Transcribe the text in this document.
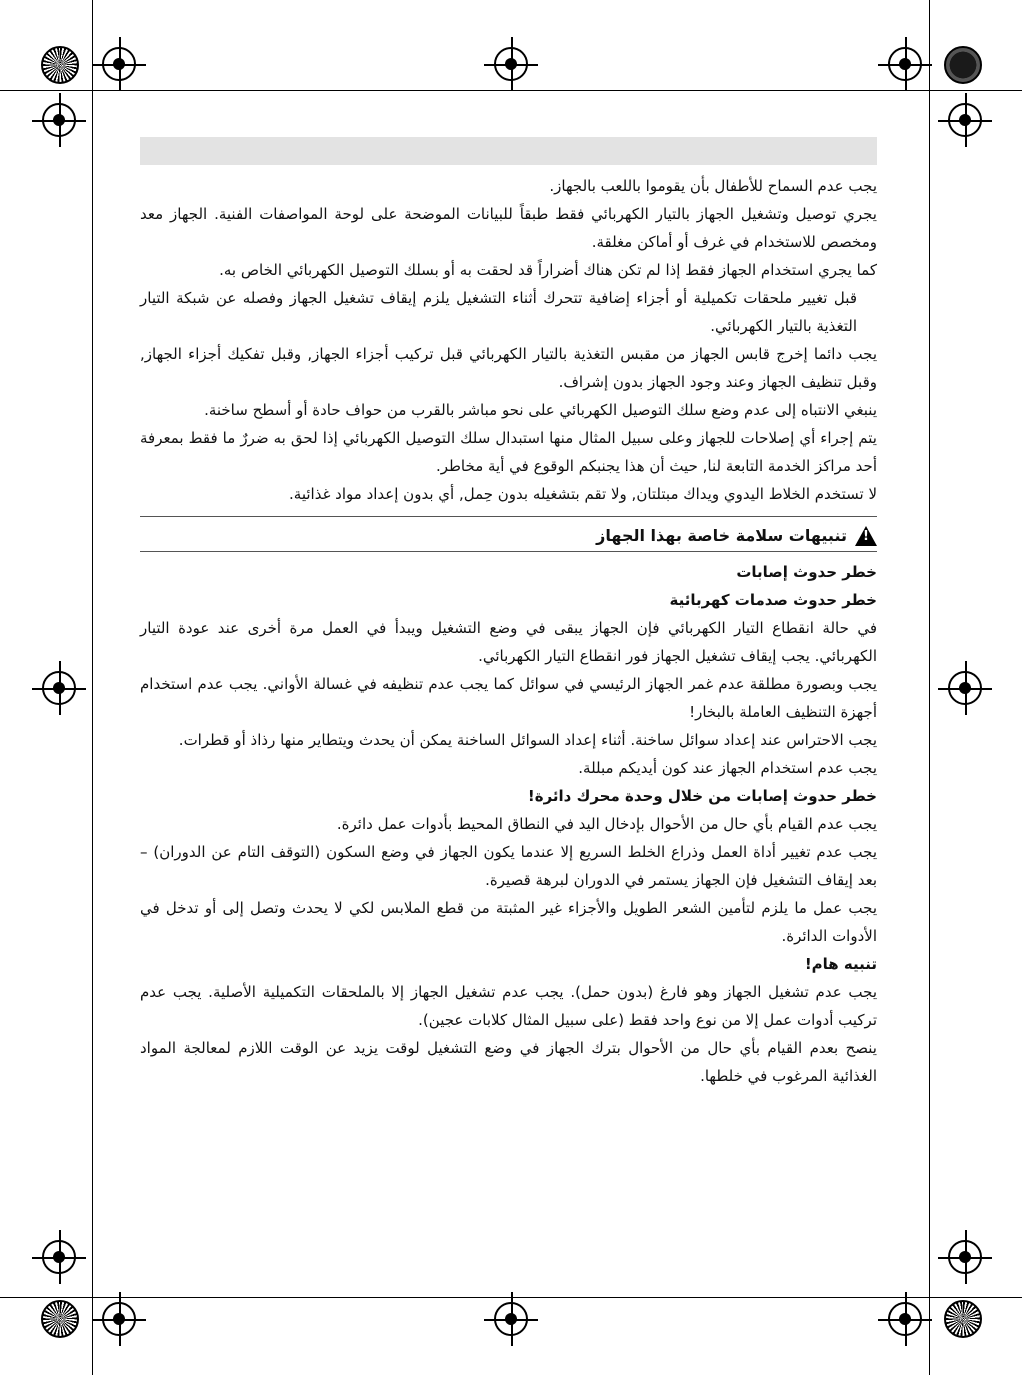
يجب عدم السماح للأطفال بأن يقوموا باللعب بالجهاز.

يجري توصيل وتشغيل الجهاز بالتيار الكهربائي فقط طبقاً للبيانات الموضحة على لوحة المواصفات الفنية. الجهاز معد ومخصص للاستخدام في غرف أو أماكن مغلقة.

كما يجري استخدام الجهاز فقط إذا لم تكن هناك أضراراً قد لحقت به أو بسلك التوصيل الكهربائي الخاص به.

قبل تغيير ملحقات تكميلية أو أجزاء إضافية تتحرك أثناء التشغيل يلزم إيقاف تشغيل الجهاز وفصله عن شبكة التيار التغذية بالتيار الكهربائي.

يجب دائما إخرج قابس الجهاز من مقبس التغذية بالتيار الكهربائي قبل تركيب أجزاء الجهاز, وقبل تفكيك أجزاء الجهاز, وقبل تنظيف الجهاز وعند وجود الجهاز بدون إشراف.

ينبغي الانتباه إلى عدم وضع سلك التوصيل الكهربائي على نحو مباشر بالقرب من حواف حادة أو أسطح ساخنة.

يتم إجراء أي إصلاحات للجهاز وعلى سبيل المثال منها استبدال سلك التوصيل الكهربائي إذا لحق به ضررٌ ما فقط بمعرفة أحد مراكز الخدمة التابعة لنا, حيث أن هذا يجنبكم الوقوع في أية مخاطر.

لا تستخدم الخلاط اليدوي ويداك مبتلتان, ولا تقم بتشغيله بدون حِمل, أي بدون إعداد مواد غذائية.

!
تنبيهات سلامة خاصة بهذا الجهاز

خطر حدوث إصابات

خطر حدوث صدمات كهربائية

في حالة انقطاع التيار الكهربائي فإن الجهاز يبقى في وضع التشغيل ويبدأ في العمل مرة أخرى عند عودة التيار الكهربائي. يجب إيقاف تشغيل الجهاز فور انقطاع التيار الكهربائي.

يجب وبصورة مطلقة عدم غمر الجهاز الرئيسي في سوائل كما يجب عدم تنظيفه في غسالة الأواني. يجب عدم استخدام أجهزة التنظيف العاملة بالبخار!

يجب الاحتراس عند إعداد سوائل ساخنة. أثناء إعداد السوائل الساخنة يمكن أن يحدث ويتطاير منها رذاذ أو قطرات.

يجب عدم استخدام الجهاز عند كون أيديكم مبللة.

خطر حدوث إصابات من خلال وحدة محرك دائرة!

يجب عدم القيام بأي حال من الأحوال بإدخال اليد في النطاق المحيط بأدوات عمل دائرة.

يجب عدم تغيير أداة العمل وذراع الخلط السريع إلا عندما يكون الجهاز في وضع السكون (التوقف التام عن الدوران) – بعد إيقاف التشغيل فإن الجهاز يستمر في الدوران لبرهة قصيرة.

يجب عمل ما يلزم لتأمين الشعر الطويل والأجزاء غير المثبتة من قطع الملابس لكي لا يحدث وتصل إلى أو تدخل في الأدوات الدائرة.

تنبيه هام!

يجب عدم تشغيل الجهاز وهو فارغ (بدون حمل). يجب عدم تشغيل الجهاز إلا بالملحقات التكميلية الأصلية. يجب عدم تركيب أدوات عمل إلا من نوع واحد فقط (على سبيل المثال كلابات عجين).

ينصح بعدم القيام بأي حال من الأحوال بترك الجهاز في وضع التشغيل لوقت يزيد عن الوقت اللازم لمعالجة المواد الغذائية المرغوب في خلطها.
